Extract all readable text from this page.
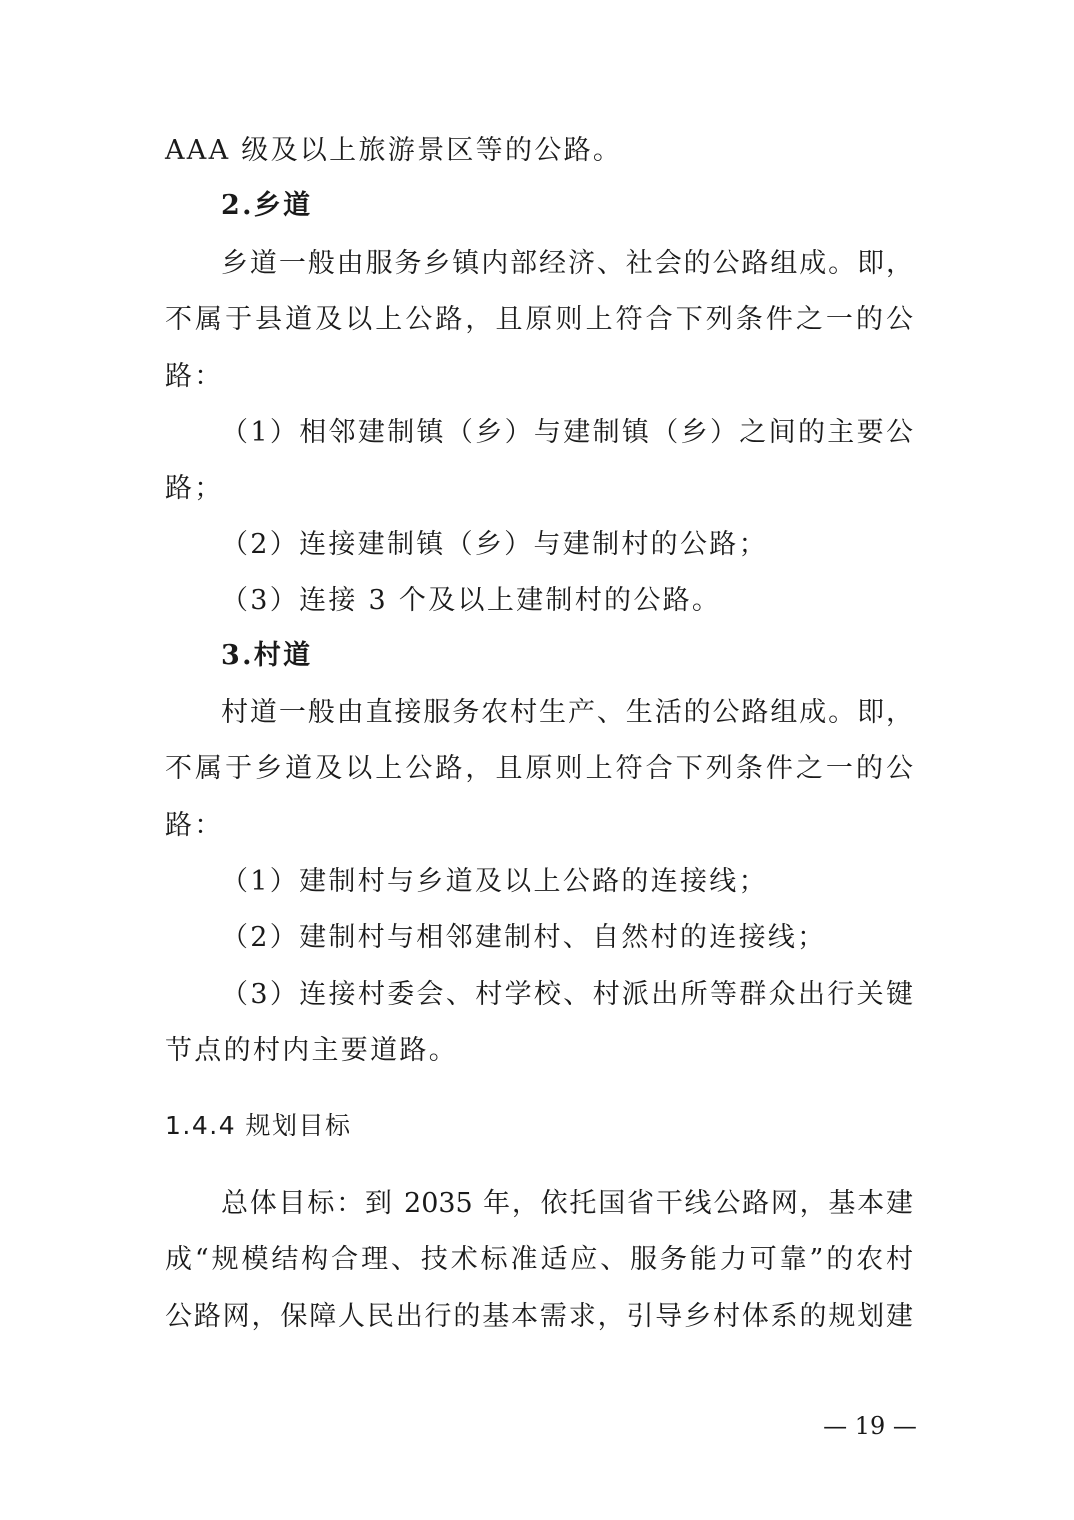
AAA 级及以上旅游景区等的公路。
2.乡道
乡道一般由服务乡镇内部经济、社会的公路组成。即，
不属于县道及以上公路，且原则上符合下列条件之一的公
路：
（1）相邻建制镇（乡）与建制镇（乡）之间的主要公
路；
（2）连接建制镇（乡）与建制村的公路；
（3）连接 3 个及以上建制村的公路。
3.村道
村道一般由直接服务农村生产、生活的公路组成。即，
不属于乡道及以上公路，且原则上符合下列条件之一的公
路：
（1）建制村与乡道及以上公路的连接线；
（2）建制村与相邻建制村、自然村的连接线；
（3）连接村委会、村学校、村派出所等群众出行关键
节点的村内主要道路。
1.4.4 规划目标
总体目标：到 2035 年，依托国省干线公路网，基本建
成“规模结构合理、技术标准适应、服务能力可靠”的农村
公路网，保障人民出行的基本需求，引导乡村体系的规划建
— 19 —
